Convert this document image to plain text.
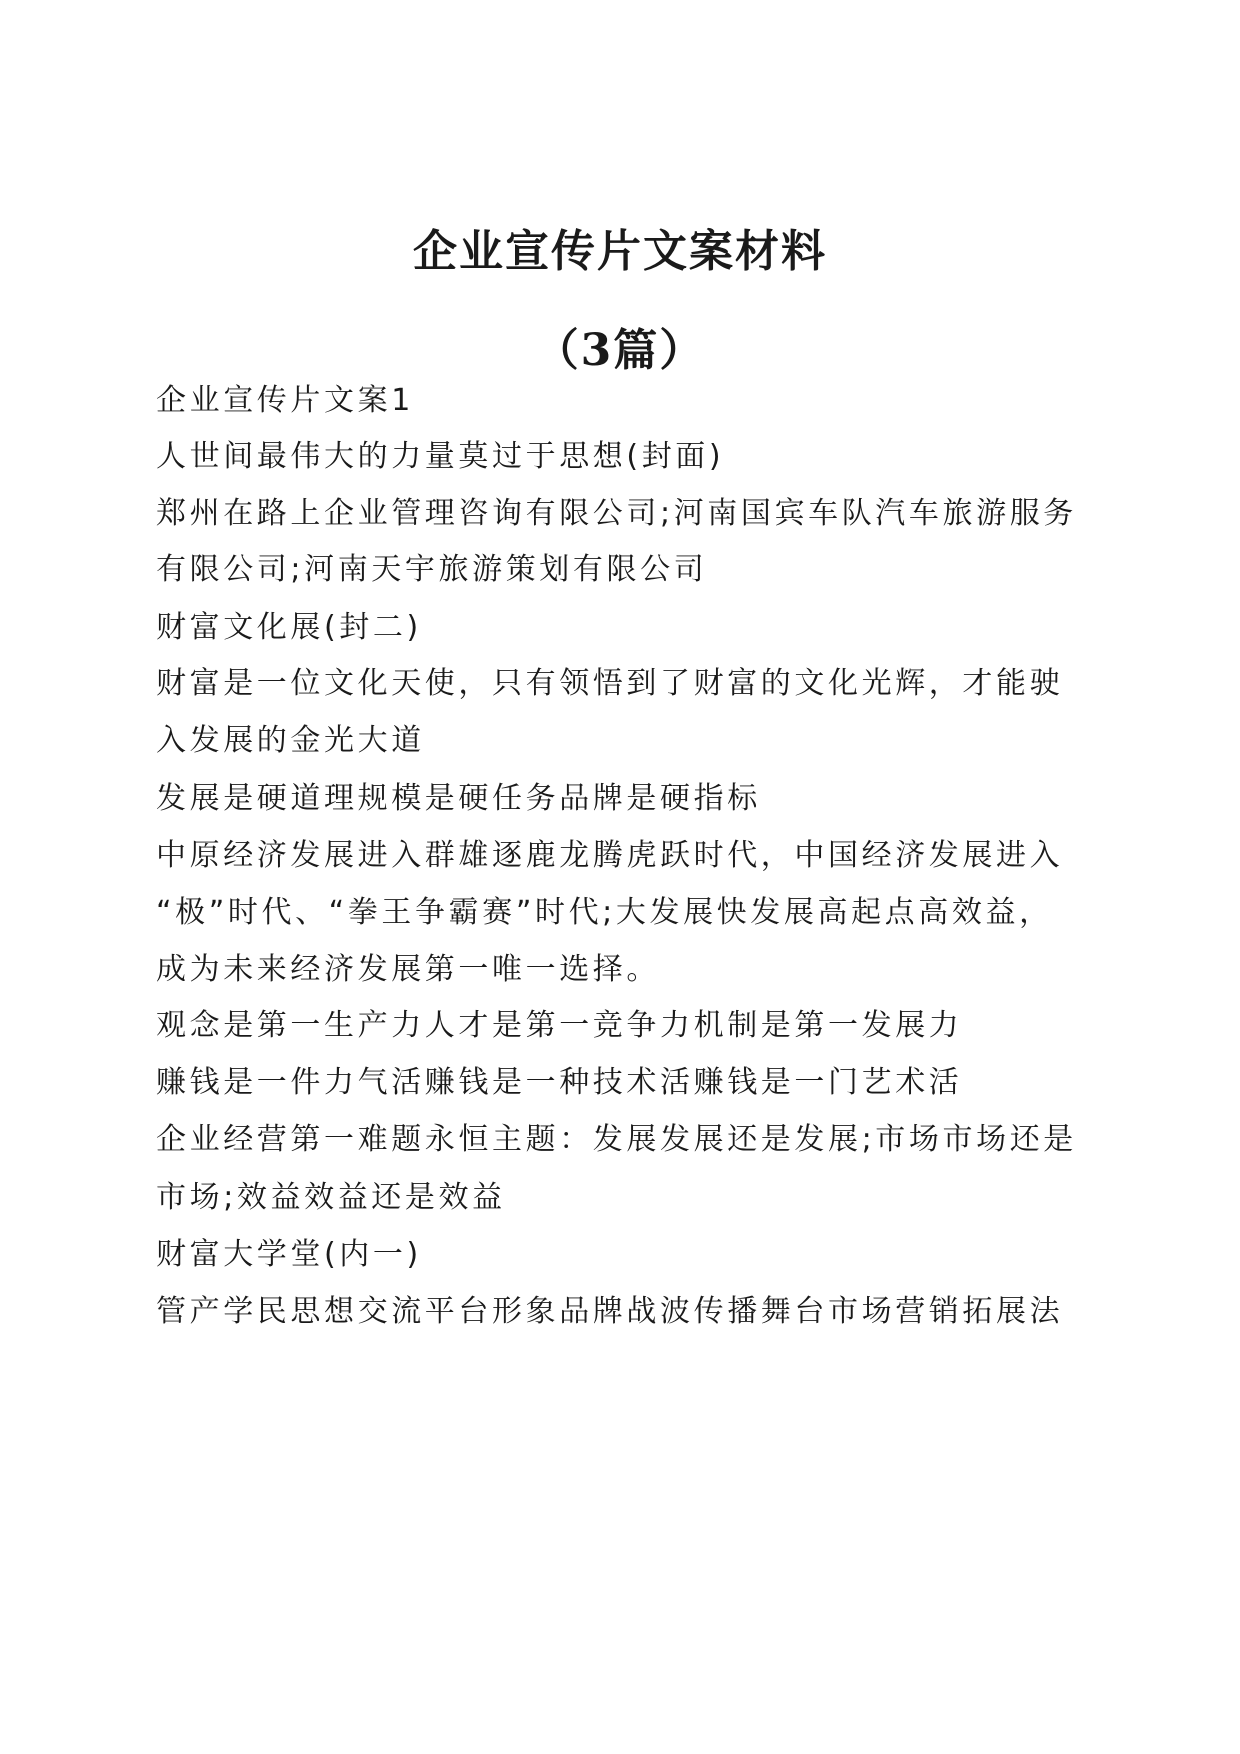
企业宣传片文案材料
（3篇）
企业宣传片文案1
人世间最伟大的力量莫过于思想(封面)
郑州在路上企业管理咨询有限公司;河南国宾车队汽车旅游服务
有限公司;河南天宇旅游策划有限公司
财富文化展(封二)
财富是一位文化天使，只有领悟到了财富的文化光辉，才能驶
入发展的金光大道
发展是硬道理规模是硬任务品牌是硬指标
中原经济发展进入群雄逐鹿龙腾虎跃时代，中国经济发展进入
“极”时代、“拳王争霸赛”时代;大发展快发展高起点高效益，
成为未来经济发展第一唯一选择。
观念是第一生产力人才是第一竞争力机制是第一发展力
赚钱是一件力气活赚钱是一种技术活赚钱是一门艺术活
企业经营第一难题永恒主题：发展发展还是发展;市场市场还是
市场;效益效益还是效益
财富大学堂(内一)
管产学民思想交流平台形象品牌战波传播舞台市场营销拓展法
